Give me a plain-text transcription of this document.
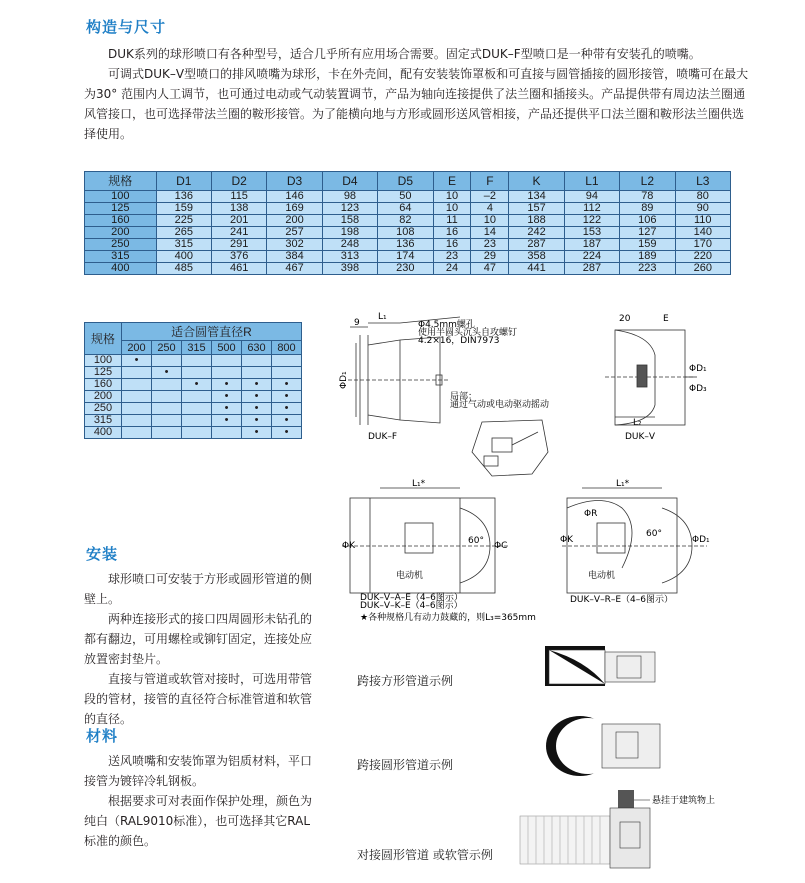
构造与尺寸

DUK系列的球形喷口有各种型号，适合几乎所有应用场合需要。固定式DUK–F型喷口是一种带有安装孔的喷嘴。

可调式DUK–V型喷口的排风喷嘴为球形，卡在外壳间，配有安装装饰罩板和可直接与圆管插接的圆形接管，喷嘴可在最大为30° 范围内人工调节，也可通过电动或气动装置调节，产品为轴向连接提供了法兰圈和插接头。产品提供带有周边法兰圈通风管接口，也可选择带法兰圈的鞍形接管。为了能横向地与方形或圆形送风管相接，产品还提供平口法兰圈和鞍形法兰圈供选择使用。

规格	D1	D2	D3	D4	D5	E	F	K	L1	L2	L3
100	136	115	146	98	50	10	–2	134	94	78	80
125	159	138	169	123	64	10	4	157	112	89	90
160	225	201	200	158	82	11	10	188	122	106	110
200	265	241	257	198	108	16	14	242	153	127	140
250	315	291	302	248	136	16	23	287	187	159	170
315	400	376	384	313	174	23	29	358	224	189	220
400	485	461	467	398	230	24	47	441	287	223	260
规格	适合圆管直径R					
	200	250	315	500	630	800
100	•					
125		•				
160			•	•	•	•
200				•	•	•
250				•	•	•
315				•	•	•
400					•	•
安装

球形喷口可安装于方形或圆形管道的侧壁上。

两种连接形式的接口四周圆形未钻孔的都有翻边，可用螺栓或铆钉固定，连接处应放置密封垫片。

直接与管道或软管对接时，可选用带管段的管材，接管的直径符合标准管道和软管的直径。

材料

送风喷嘴和安装饰罩为铝质材料，平口接管为镀锌冷轧钢板。

根据要求可对表面作保护处理，颜色为纯白（RAL9010标准），也可选择其它RAL标准的颜色。

9
L₁
ΦD₁
Φ4.5mm螺孔
使用半圆头沉头自攻螺钉
4.2×16，DIN7973
局部：
通过气动或电动驱动摇动
DUK–F
20	E
L₂
ΦD₁
ΦD₃
DUK–V
L₁*
电动机
60°
ΦK	ΦC
DUK–V–A–E（4–6图示）
DUK–V–K–E（4–6图示）
★各种规格几有动力鼓藏的，则L₃=365mm
L₁*
ΦR
电动机
60°
ΦK	ΦD₁
DUK–V–R–E（4–6图示）
跨接方形管道示例
跨接圆形管道示例
悬挂于建筑物上
对接圆形管道 或软管示例
